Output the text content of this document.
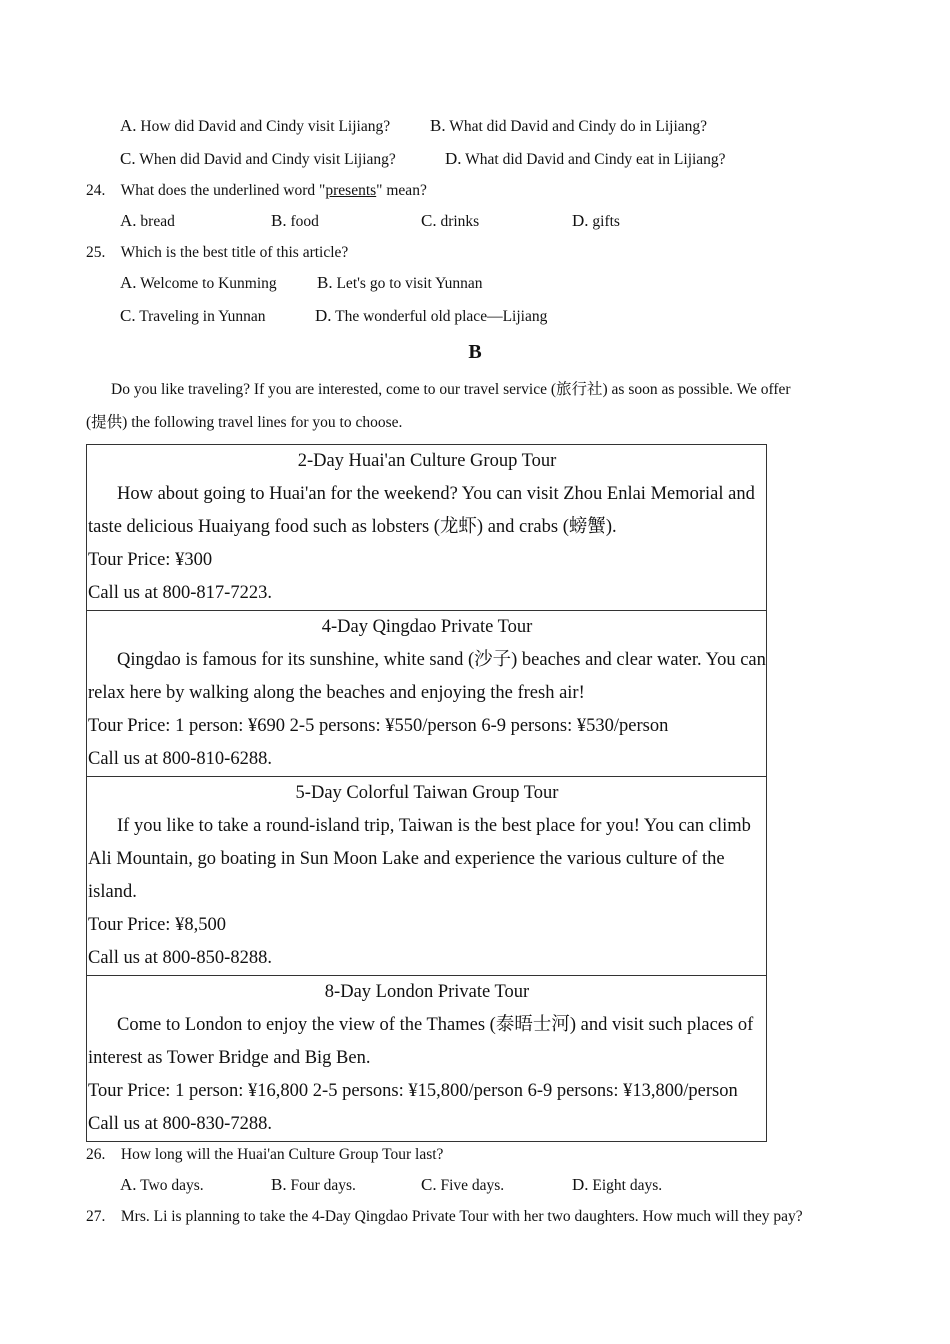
A. How did David and Cindy visit Lijiang? B. What did David and Cindy do in Lijiang?
C. When did David and Cindy visit Lijiang?	D. What did David and Cindy eat in Lijiang?
24. What does the underlined word "presents" mean?
A. bread	B. food	C. drinks	D. gifts
25. Which is the best title of this article?
A. Welcome to Kunming B. Let's go to visit Yunnan
C. Traveling in Yunnan	D. The wonderful old place—Lijiang
B
Do you like traveling? If you are interested, come to our travel service (旅行社) as soon as possible. We offer
(提供) the following travel lines for you to choose.
2-Day Huai'an Culture Group Tour
How about going to Huai'an for the weekend? You can visit Zhou Enlai Memorial and taste delicious Huaiyang food such as lobsters (龙虾) and crabs (螃蟹).
Tour Price: ¥300
Call us at 800-817-7223.

4-Day Qingdao Private Tour
Qingdao is famous for its sunshine, white sand (沙子) beaches and clear water. You can relax here by walking along the beaches and enjoying the fresh air!
Tour Price: 1 person: ¥690 2-5 persons: ¥550/person 6-9 persons: ¥530/person
Call us at 800-810-6288.

5-Day Colorful Taiwan Group Tour
If you like to take a round-island trip, Taiwan is the best place for you! You can climb Ali Mountain, go boating in Sun Moon Lake and experience the various culture of the island.
Tour Price: ¥8,500
Call us at 800-850-8288.

8-Day London Private Tour
Come to London to enjoy the view of the Thames (泰晤士河) and visit such places of interest as Tower Bridge and Big Ben.
Tour Price: 1 person: ¥16,800 2-5 persons: ¥15,800/person 6-9 persons: ¥13,800/person
Call us at 800-830-7288.
26. How long will the Huai'an Culture Group Tour last?
A. Two days.	B. Four days.	C. Five days.	D. Eight days.
27. Mrs. Li is planning to take the 4-Day Qingdao Private Tour with her two daughters. How much will they pay?
